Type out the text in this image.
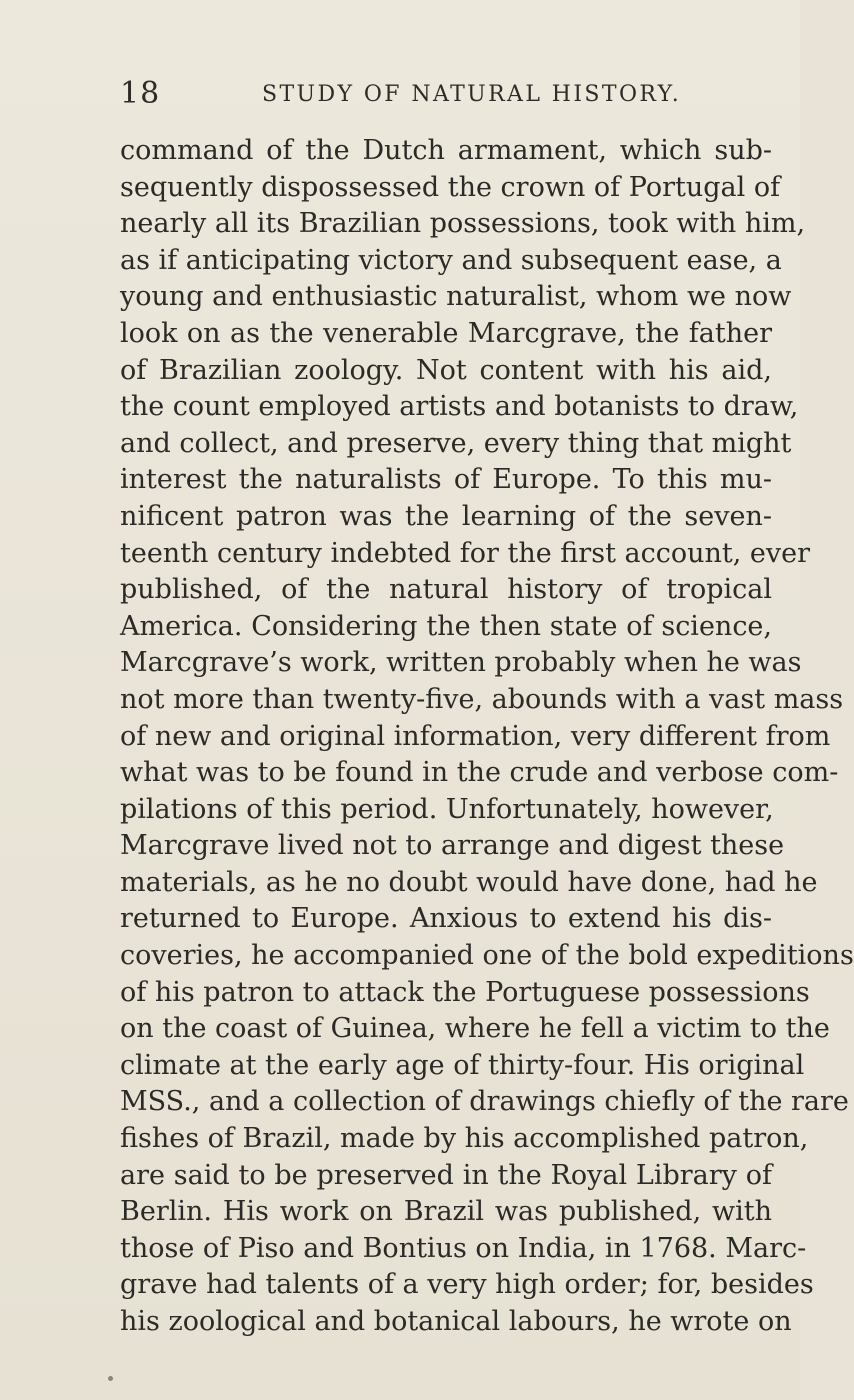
18	STUDY OF NATURAL HISTORY.
command of the Dutch armament, which sub-
sequently dispossessed the crown of Portugal of
nearly all its Brazilian possessions, took with him,
as if anticipating victory and subsequent ease, a
young and enthusiastic naturalist, whom we now
look on as the venerable Marcgrave, the father
of Brazilian zoology. Not content with his aid,
the count employed artists and botanists to draw,
and collect, and preserve, every thing that might
interest the naturalists of Europe. To this mu-
nificent patron was the learning of the seven-
teenth century indebted for the first account, ever
published, of the natural history of tropical
America. Considering the then state of science,
Marcgrave’s work, written probably when he was
not more than twenty-five, abounds with a vast mass
of new and original information, very different from
what was to be found in the crude and verbose com-
pilations of this period. Unfortunately, however,
Marcgrave lived not to arrange and digest these
materials, as he no doubt would have done, had he
returned to Europe. Anxious to extend his dis-
coveries, he accompanied one of the bold expeditions
of his patron to attack the Portuguese possessions
on the coast of Guinea, where he fell a victim to the
climate at the early age of thirty-four. His original
MSS., and a collection of drawings chiefly of the rare
fishes of Brazil, made by his accomplished patron,
are said to be preserved in the Royal Library of
Berlin. His work on Brazil was published, with
those of Piso and Bontius on India, in 1768. Marc-
grave had talents of a very high order; for, besides
his zoological and botanical labours, he wrote on
